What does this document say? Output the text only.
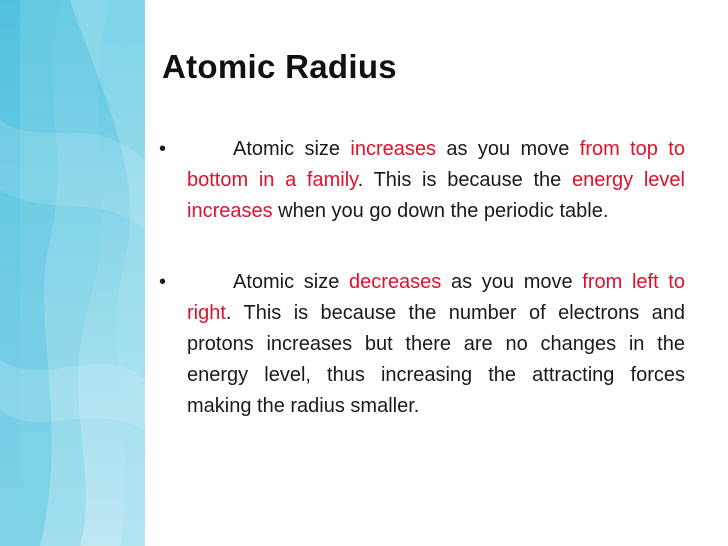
Atomic Radius
•	Atomic size increases as you move from top to bottom in a family. This is because the energy level increases when you go down the periodic table.
•	Atomic size decreases as you move from left to right. This is because the number of electrons and protons increases but there are no changes in the energy level, thus increasing the attracting forces making the radius smaller.
